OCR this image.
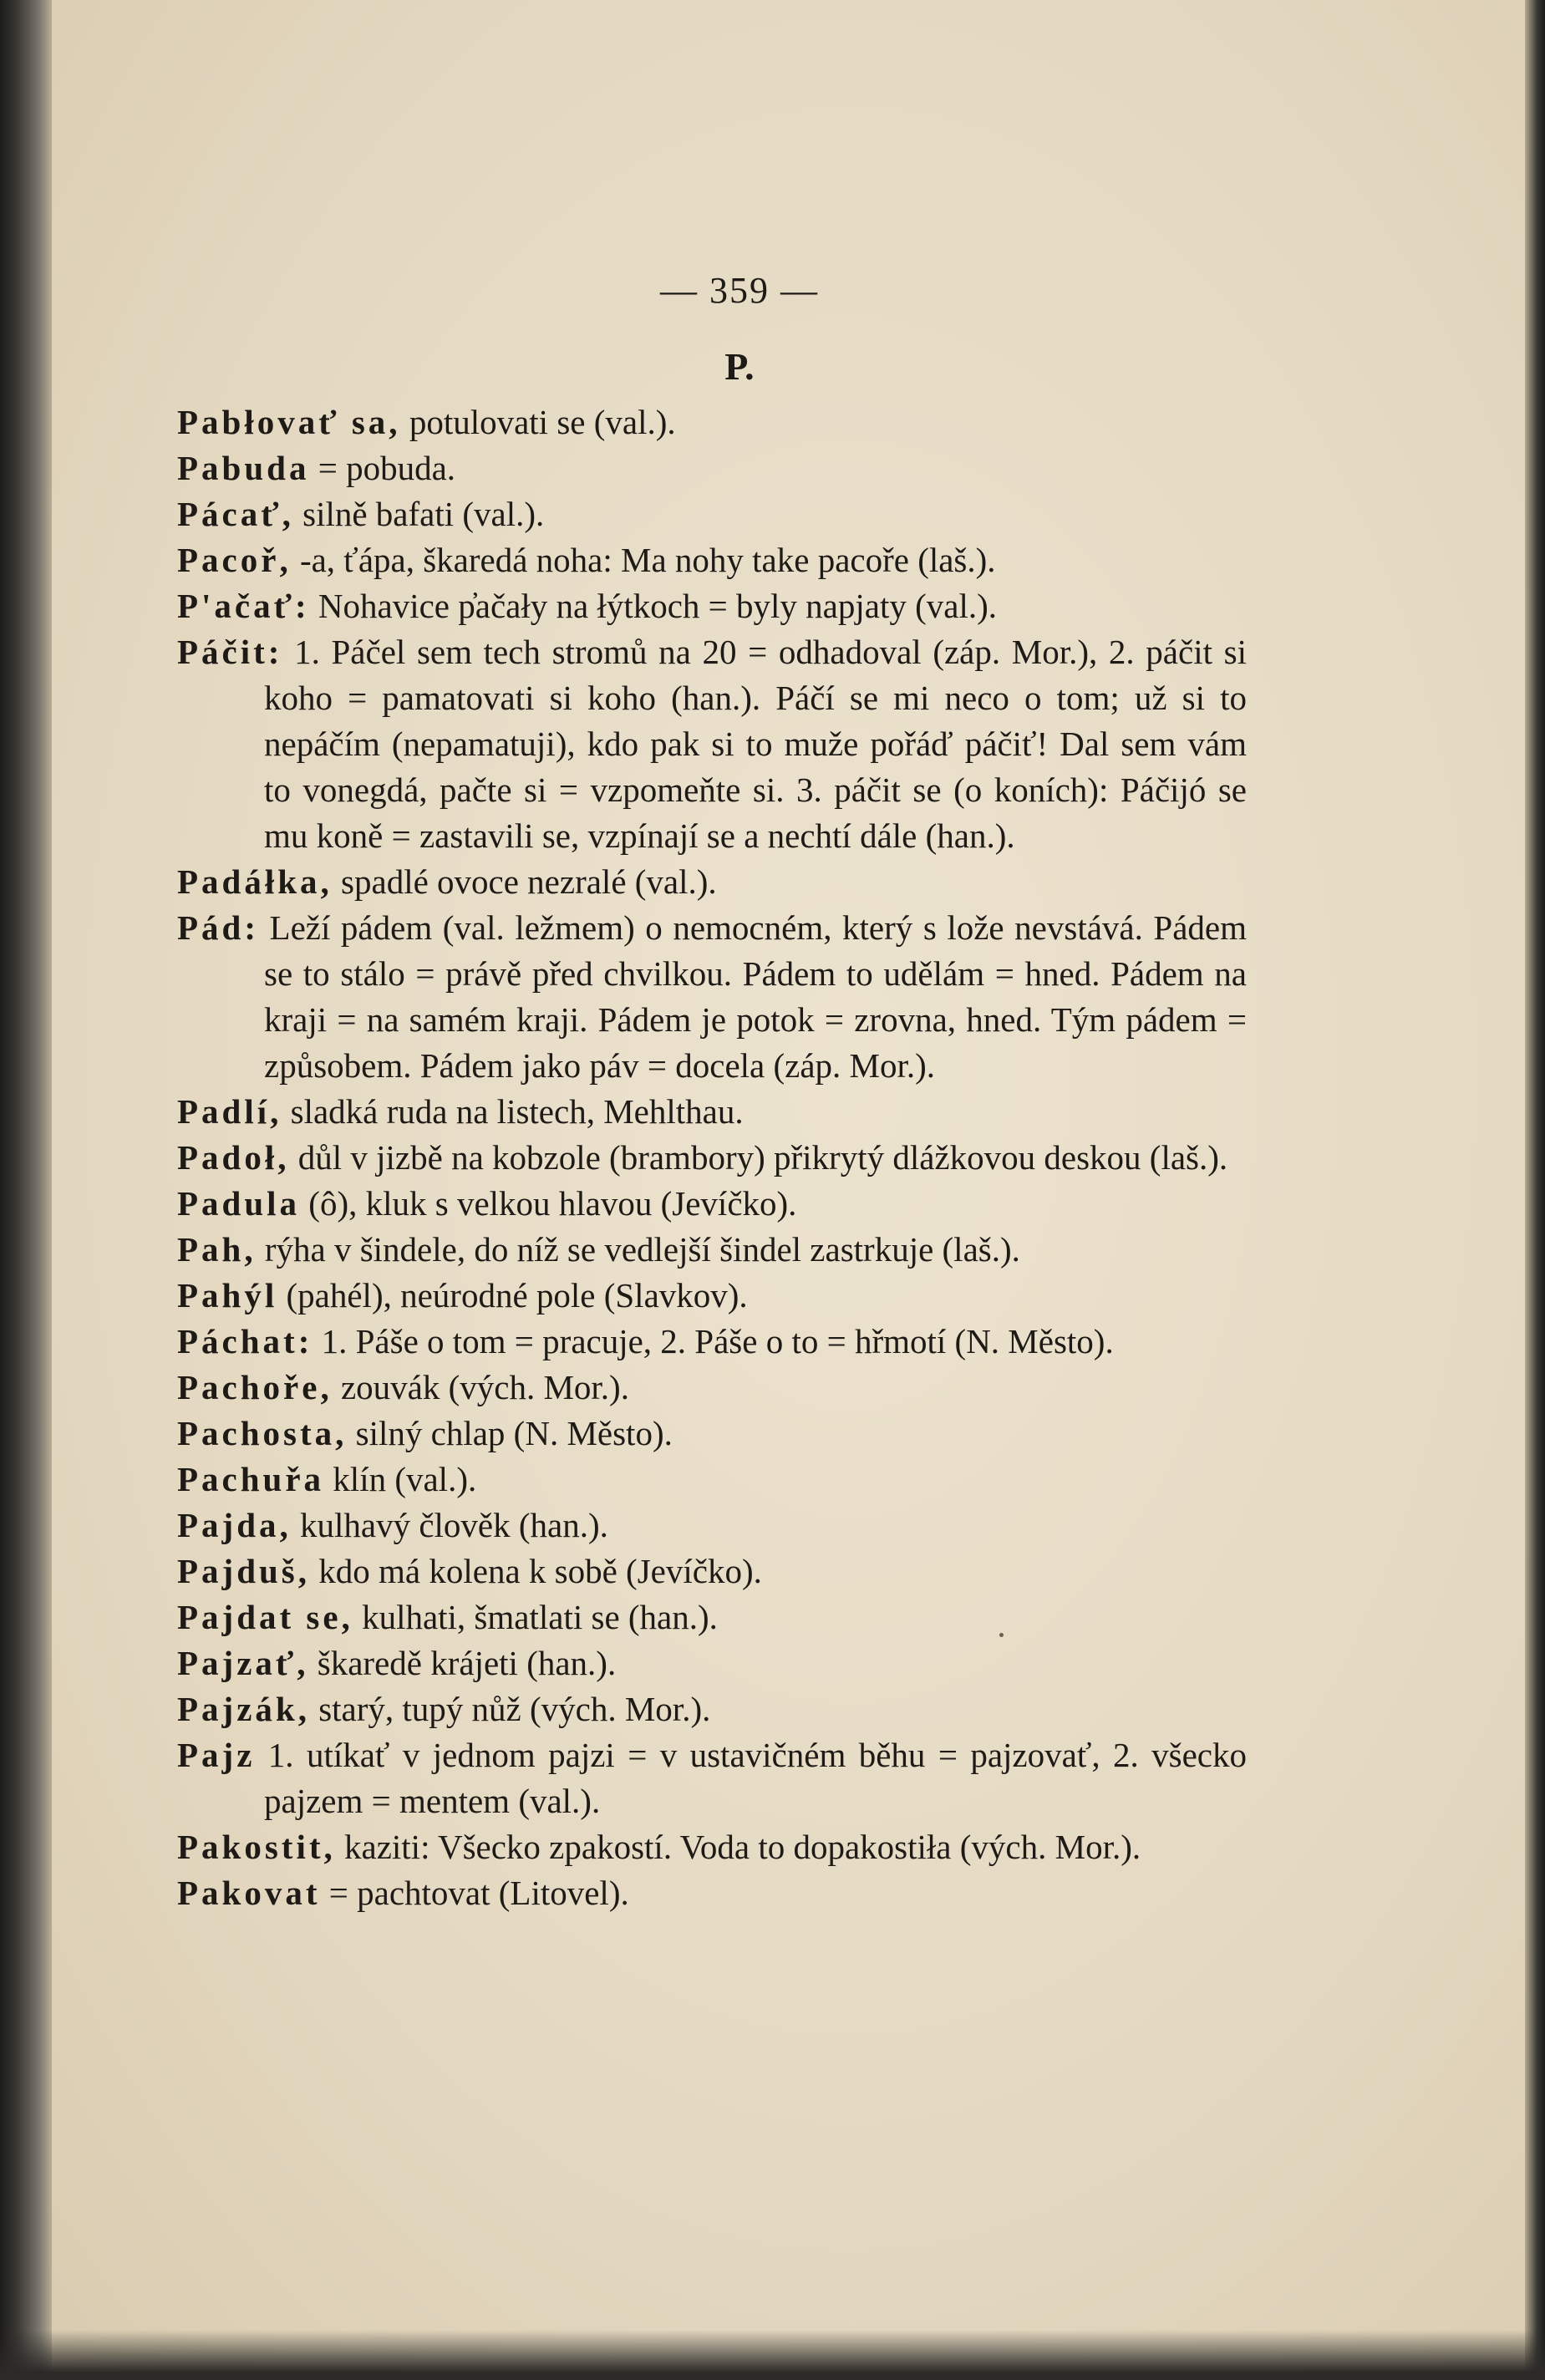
— 359 —
P.

Pabłovať sa, potulovati se (val.).

Pabuda = pobuda.

Pácať, silně bafati (val.).

Pacoř, -a, ťápa, škaredá noha: Ma nohy take pacoře (laš.).

P'ačať: Nohavice p̓ačały na łýtkoch = byly napjaty (val.).

Páčit: 1. Páčel sem tech stromů na 20 = odhadoval (záp. Mor.), 2. páčit si koho = pamatovati si koho (han.). Páčí se mi neco o tom; už si to nepáčím (nepamatuji), kdo pak si to muže pořáď páčiť! Dal sem vám to vonegdá, pačte si = vzpomeňte si. 3. páčit se (o koních): Páčijó se mu koně = zastavili se, vzpínají se a nechtí dále (han.).

Padáłka, spadlé ovoce nezralé (val.).

Pád: Leží pádem (val. ležmem) o nemocném, který s lože nevstává. Pádem se to stálo = právě před chvilkou. Pádem to udělám = hned. Pádem na kraji = na samém kraji. Pádem je potok = zrovna, hned. Tým pádem = způsobem. Pádem jako páv = docela (záp. Mor.).

Padlí, sladká ruda na listech, Mehlthau.

Padoł, důl v jizbě na kobzole (brambory) přikrytý dlážkovou deskou (laš.).

Padula (ô), kluk s velkou hlavou (Jevíčko).

Pah, rýha v šindele, do níž se vedlejší šindel zastrkuje (laš.).

Pahýl (pahél), neúrodné pole (Slavkov).

Páchat: 1. Páše o tom = pracuje, 2. Páše o to = hřmotí (N. Město).

Pachoře, zouvák (vých. Mor.).

Pachosta, silný chlap (N. Město).

Pachuřa klín (val.).

Pajda, kulhavý člověk (han.).

Pajduš, kdo má kolena k sobě (Jevíčko).

Pajdat se, kulhati, šmatlati se (han.).

Pajzať, škaredě krájeti (han.).

Pajzák, starý, tupý nůž (vých. Mor.).

Pajz 1. utíkať v jednom pajzi = v ustavičném běhu = pajzovať, 2. všecko pajzem = mentem (val.).

Pakostit, kaziti: Všecko zpakostí. Voda to dopakostiła (vých. Mor.).

Pakovat = pachtovat (Litovel).
